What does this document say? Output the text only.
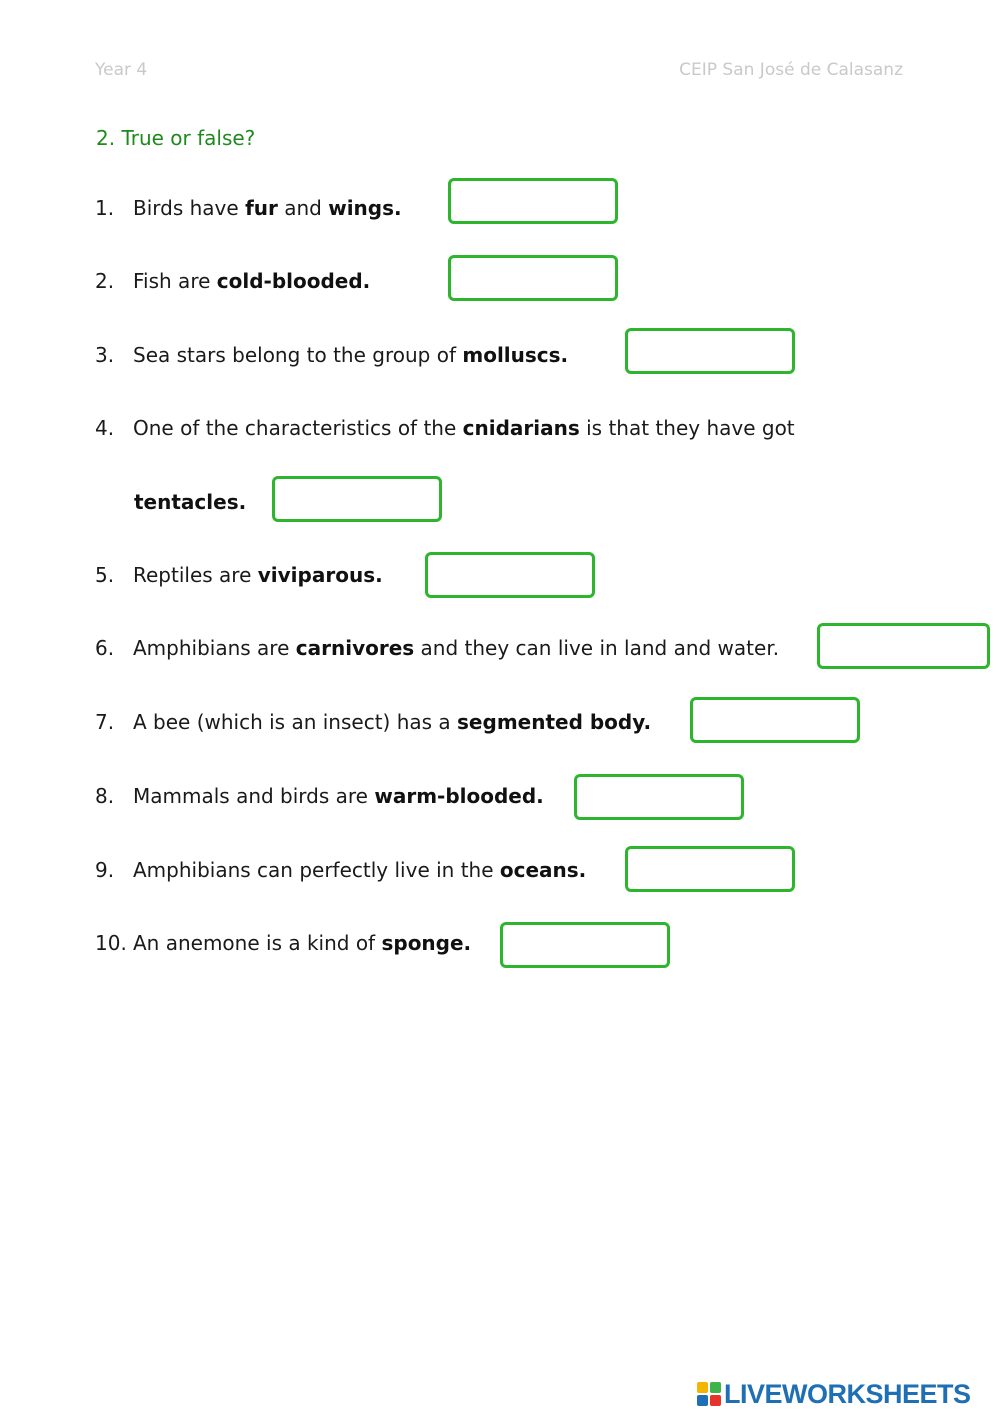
Year 4	CEIP San José de Calasanz
2. True or false?
1. Birds have fur and wings.
2. Fish are cold-blooded.
3. Sea stars belong to the group of molluscs.
4. One of the characteristics of the cnidarians is that they have got
tentacles.
5. Reptiles are viviparous.
6. Amphibians are carnivores and they can live in land and water.
7. A bee (which is an insect) has a segmented body.
8. Mammals and birds are warm-blooded.
9. Amphibians can perfectly live in the oceans.
10. An anemone is a kind of sponge.
LIVEWORKSHEETS
